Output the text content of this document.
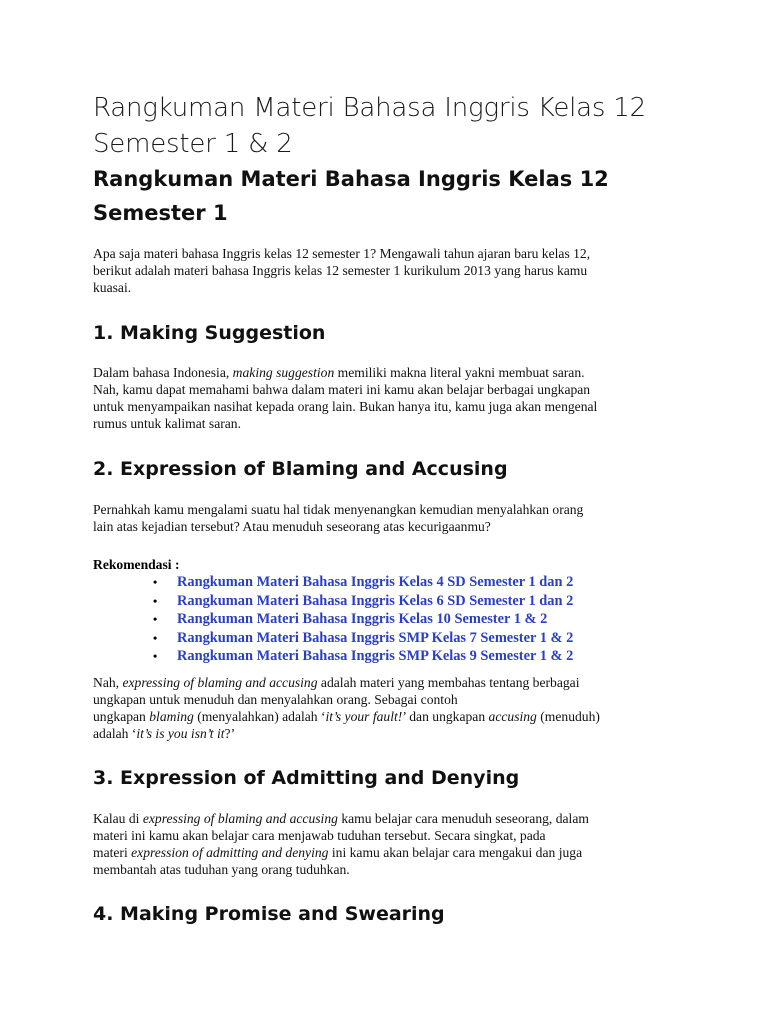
Rangkuman Materi Bahasa Inggris Kelas 12 Semester 1 & 2
Rangkuman Materi Bahasa Inggris Kelas 12 Semester 1
Apa saja materi bahasa Inggris kelas 12 semester 1? Mengawali tahun ajaran baru kelas 12,
berikut adalah materi bahasa Inggris kelas 12 semester 1 kurikulum 2013 yang harus kamu
kuasai.
1. Making Suggestion
Dalam bahasa Indonesia, making suggestion memiliki makna literal yakni membuat saran.
Nah, kamu dapat memahami bahwa dalam materi ini kamu akan belajar berbagai ungkapan
untuk menyampaikan nasihat kepada orang lain. Bukan hanya itu, kamu juga akan mengenal
rumus untuk kalimat saran.
2. Expression of Blaming and Accusing
Pernahkah kamu mengalami suatu hal tidak menyenangkan kemudian menyalahkan orang
lain atas kejadian tersebut? Atau menuduh seseorang atas kecurigaanmu?
Rekomendasi :
• Rangkuman Materi Bahasa Inggris Kelas 4 SD Semester 1 dan 2
• Rangkuman Materi Bahasa Inggris Kelas 6 SD Semester 1 dan 2
• Rangkuman Materi Bahasa Inggris Kelas 10 Semester 1 & 2
• Rangkuman Materi Bahasa Inggris SMP Kelas 7 Semester 1 & 2
• Rangkuman Materi Bahasa Inggris SMP Kelas 9 Semester 1 & 2
Nah, expressing of blaming and accusing adalah materi yang membahas tentang berbagai
ungkapan untuk menuduh dan menyalahkan orang. Sebagai contoh
ungkapan blaming (menyalahkan) adalah ‘it’s your fault!’ dan ungkapan accusing (menuduh)
adalah ‘it’s is you isn’t it?’
3. Expression of Admitting and Denying
Kalau di expressing of blaming and accusing kamu belajar cara menuduh seseorang, dalam
materi ini kamu akan belajar cara menjawab tuduhan tersebut. Secara singkat, pada
materi expression of admitting and denying ini kamu akan belajar cara mengakui dan juga
membantah atas tuduhan yang orang tuduhkan.
4. Making Promise and Swearing
